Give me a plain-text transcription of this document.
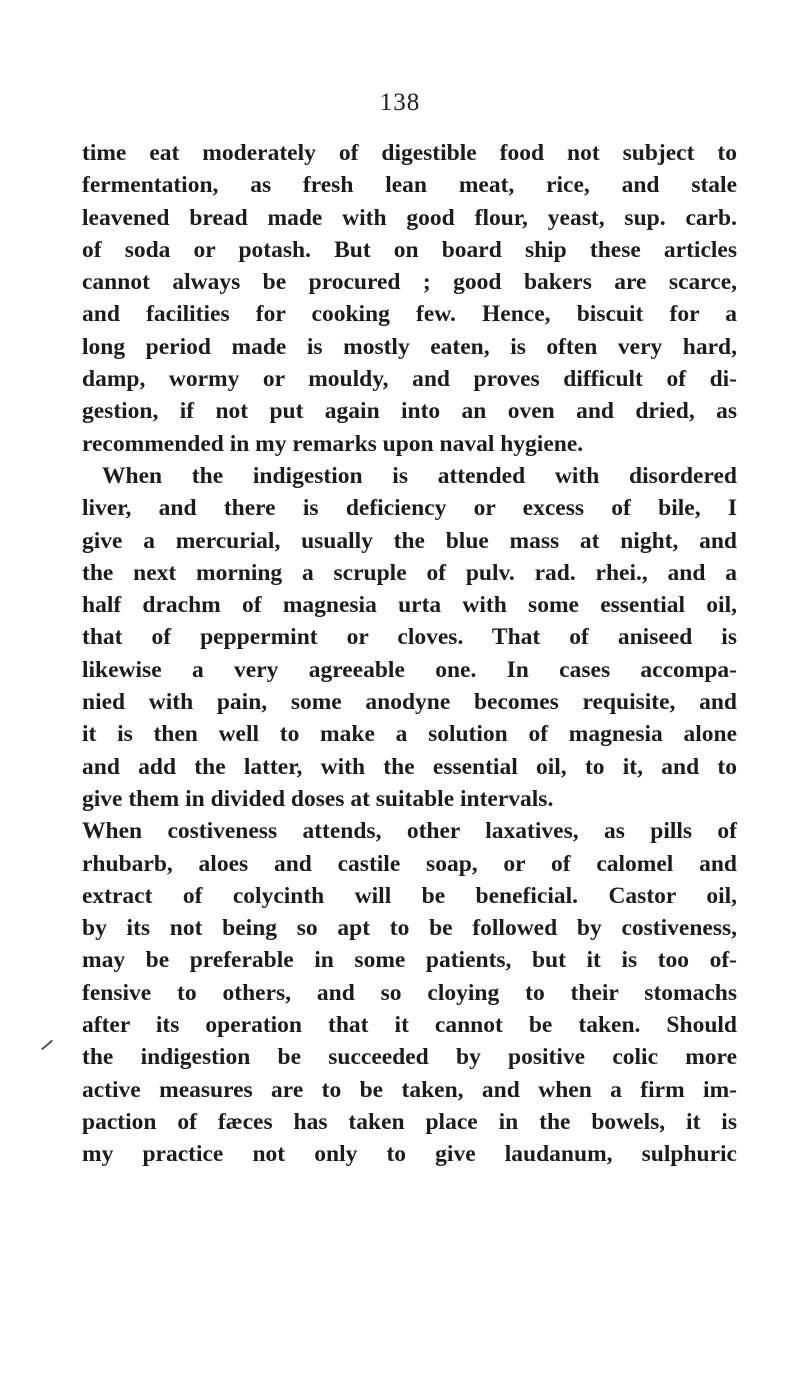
138
time eat moderately of digestible food not subject to
fermentation, as fresh lean meat, rice, and stale
leavened bread made with good flour, yeast, sup. carb.
of soda or potash. But on board ship these articles
cannot always be procured ; good bakers are scarce,
and facilities for cooking few. Hence, biscuit for a
long period made is mostly eaten, is often very hard,
damp, wormy or mouldy, and proves difficult of di-
gestion, if not put again into an oven and dried, as
recommended in my remarks upon naval hygiene.
When the indigestion is attended with disordered
liver, and there is deficiency or excess of bile, I
give a mercurial, usually the blue mass at night, and
the next morning a scruple of pulv. rad. rhei., and a
half drachm of magnesia urta with some essential oil,
that of peppermint or cloves. That of aniseed is
likewise a very agreeable one. In cases accompa-
nied with pain, some anodyne becomes requisite, and
it is then well to make a solution of magnesia alone
and add the latter, with the essential oil, to it, and to
give them in divided doses at suitable intervals.
When costiveness attends, other laxatives, as pills of
rhubarb, aloes and castile soap, or of calomel and
extract of colycinth will be beneficial. Castor oil,
by its not being so apt to be followed by costiveness,
may be preferable in some patients, but it is too of-
fensive to others, and so cloying to their stomachs
after its operation that it cannot be taken. Should
the indigestion be succeeded by positive colic more
active measures are to be taken, and when a firm im-
paction of fæces has taken place in the bowels, it is
my practice not only to give laudanum, sulphuric
